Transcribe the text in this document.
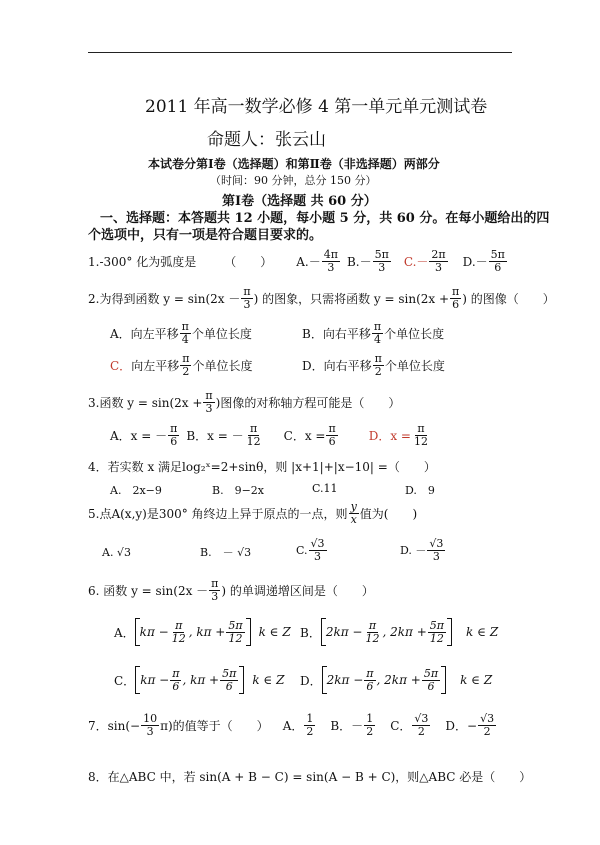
2011 年高一数学必修 4 第一单元单元测试卷
命题人：张云山
本试卷分第Ⅰ卷（选择题）和第Ⅱ卷（非选择题）两部分
（时间：90 分钟，总分 150 分）
第Ⅰ卷（选择题 共 60 分）
一、选择题：本答题共 12 小题，每小题 5 分，共 60 分。在每小题给出的四
个选项中，只有一项是符合题目要求的。
1.-300° 化为弧度是 （　　） $A.- \frac{4\pi}{3} B.- \frac{5\pi}{3} C.- \frac{2\pi}{3} D.- \frac{5\pi}{6}$
2.为得到函数 $y = \sin(2x - \frac{\pi}{3}$ ) 的图象，只需将函数 $y = \sin(2x + \frac{\pi}{6}$ ) 的图像（　　）
A．向左平移 $\frac{\pi}{4}$ 个单位长度	B．向右平移 $\frac{\pi}{4}$ 个单位长度
C． 向左平移 $\frac{\pi}{2}$ 个单位长度	D．向右平移 $\frac{\pi}{2}$ 个单位长度
3.函数 $y = \sin(2x + \frac{\pi}{3}$ )图像的对称轴方程可能是（　　）
A．x = － $\frac{\pi}{6}$ B．x = － $\frac{\pi}{12}$ C．$x = \frac{\pi}{6}$	D．$x = \frac{\pi}{12}$
4．若实数 x 满足log₂ˣ=2+sinθ，则 |x+1|+|x−10| =（　　）
A.　2x−9	B.　9−2x	C.11	D.　9
5.点A(x,y)是300° 角终边上异于原点的一点，则 $\frac{y}{x}$ 值为(　　)
A. √3	B.　－ √3	C. $\frac{√3}{3}$	D. － $\frac{√3}{3}$
6. 函数 $y = \sin(2x - \frac{\pi}{3}$ ) 的单调递增区间是（　　）
A． $k\pi - \frac{\pi}{12}$ , $k\pi + \frac{5\pi}{12}$ k ∈ Z B． $2k\pi - \frac{\pi}{12}$ , $2k\pi + \frac{5\pi}{12}$ k ∈ Z
C． $k\pi - \frac{\pi}{6}$ , $k\pi + \frac{5\pi}{6}$ k ∈ Z D． $2k\pi - \frac{\pi}{6}$ , $2k\pi + \frac{5\pi}{6}$ k ∈ Z
7．$\sin(- \frac{10}{3} \pi)$的值等于（　　） A． $\frac{1}{2}$ B．－ $\frac{1}{2}$ C． $\frac{√3}{2}$ D．− $\frac{√3}{2}$
8．在△ABC 中，若 sin(A + B − C) = sin(A − B + C)，则△ABC 必是（　　）
